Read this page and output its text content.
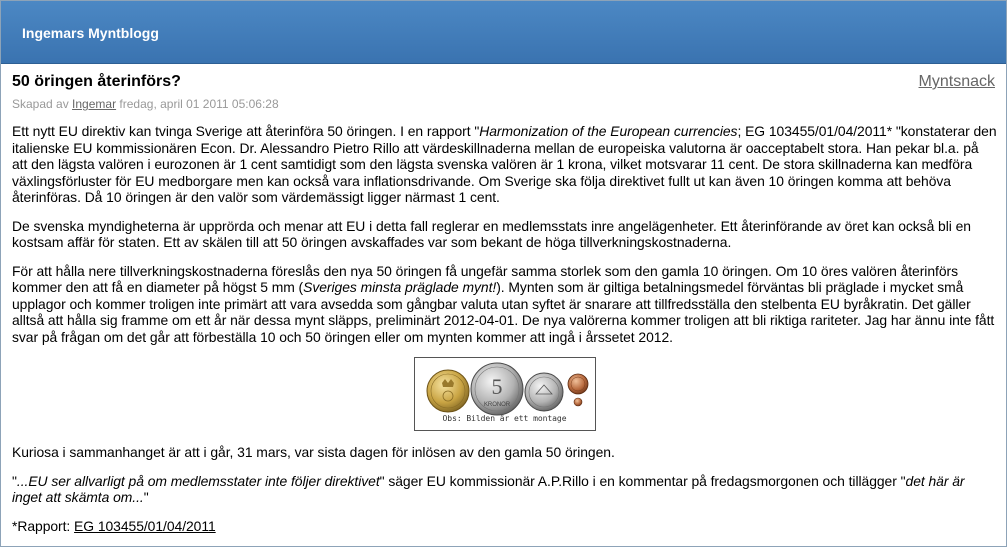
Ingemars Myntblogg
50 öringen återinförs?	Myntsnack
Skapad av Ingemar fredag, april 01 2011 05:06:28

Ett nytt EU direktiv kan tvinga Sverige att återinföra 50 öringen. I en rapport "Harmonization of the European currencies; EG 103455/01/04/2011* "konstaterar den italienske EU kommissionären Econ. Dr. Alessandro Pietro Rillo att värdeskillnaderna mellan de europeiska valutorna är oacceptabelt stora. Han pekar bl.a. på att den lägsta valören i eurozonen är 1 cent samtidigt som den lägsta svenska valören är 1 krona, vilket motsvarar 11 cent. De stora skillnaderna kan medföra växlingsförluster för EU medborgare men kan också vara inflationsdrivande. Om Sverige ska följa direktivet fullt ut kan även 10 öringen komma att behöva återinföras. Då 10 öringen är den valör som värdemässigt ligger närmast 1 cent.

De svenska myndigheterna är upprörda och menar att EU i detta fall reglerar en medlemsstats inre angelägenheter. Ett återinförande av öret kan också bli en kostsam affär för staten. Ett av skälen till att 50 öringen avskaffades var som bekant de höga tillverkningskostnaderna.

För att hålla nere tillverkningskostnaderna föreslås den nya 50 öringen få ungefär samma storlek som den gamla 10 öringen. Om 10 öres valören återinförs kommer den att få en diameter på högst 5 mm (Sveriges minsta präglade mynt!). Mynten som är giltiga betalningsmedel förväntas bli präglade i mycket små upplagor och kommer troligen inte primärt att vara avsedda som gångbar valuta utan syftet är snarare att tillfredsställa den stelbenta EU byråkratin. Det gäller alltså att hålla sig framme om ett år när dessa mynt släpps, preliminärt 2012-04-01. De nya valörerna kommer troligen att bli riktiga rariteter. Jag har ännu inte fått svar på frågan om det går att förbeställa 10 och 50 öringen eller om mynten kommer att ingå i årssetet 2012.

5
KRONOR
Obs: Bilden är ett montage

Kuriosa i sammanhanget är att i går, 31 mars, var sista dagen för inlösen av den gamla 50 öringen.

"...EU ser allvarligt på om medlemsstater inte följer direktivet" säger EU kommissionär A.P.Rillo i en kommentar på fredagsmorgonen och tillägger "det här är inget att skämta om..."

*Rapport: EG 103455/01/04/2011
